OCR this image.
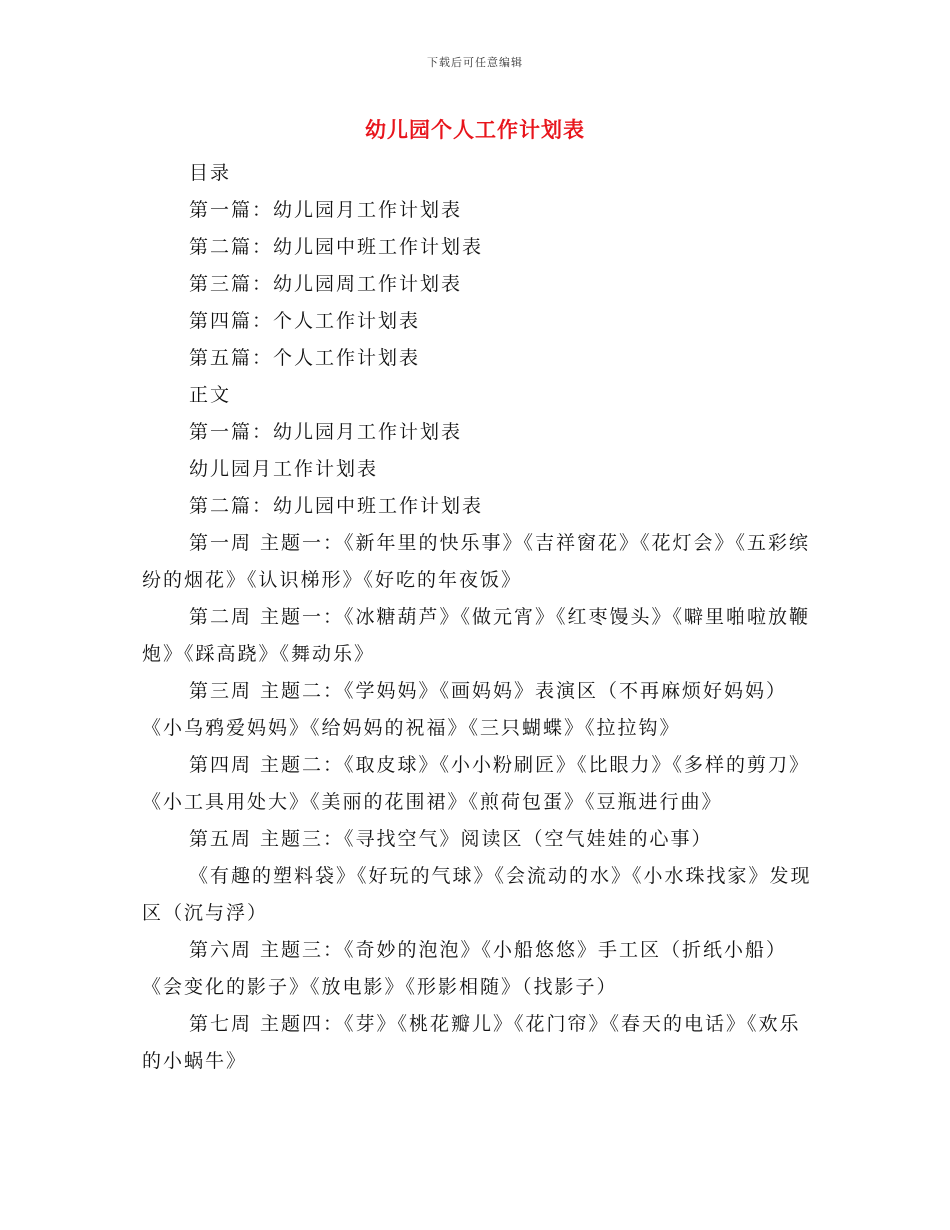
下载后可任意编辑
幼儿园个人工作计划表
目录
第一篇：幼儿园月工作计划表
第二篇：幼儿园中班工作计划表
第三篇：幼儿园周工作计划表
第四篇：个人工作计划表
第五篇：个人工作计划表
正文
第一篇：幼儿园月工作计划表
幼儿园月工作计划表
第二篇：幼儿园中班工作计划表
第一周 主题一：《新年里的快乐事》《吉祥窗花》《花灯会》《五彩缤纷的烟花》《认识梯形》《好吃的年夜饭》
第二周 主题一：《冰糖葫芦》《做元宵》《红枣馒头》《噼里啪啦放鞭炮》《踩高跷》《舞动乐》
第三周 主题二：《学妈妈》《画妈妈》表演区（不再麻烦好妈妈）《小乌鸦爱妈妈》《给妈妈的祝福》《三只蝴蝶》《拉拉钩》
第四周 主题二：《取皮球》《小小粉刷匠》《比眼力》《多样的剪刀》《小工具用处大》《美丽的花围裙》《煎荷包蛋》《豆瓶进行曲》
第五周 主题三：《寻找空气》阅读区（空气娃娃的心事）
《有趣的塑料袋》《好玩的气球》《会流动的水》《小水珠找家》发现区（沉与浮）
第六周 主题三：《奇妙的泡泡》《小船悠悠》手工区（折纸小船） 《会变化的影子》《放电影》《形影相随》（找影子）
第七周 主题四：《芽》《桃花瓣儿》《花门帘》《春天的电话》《欢乐的小蜗牛》
